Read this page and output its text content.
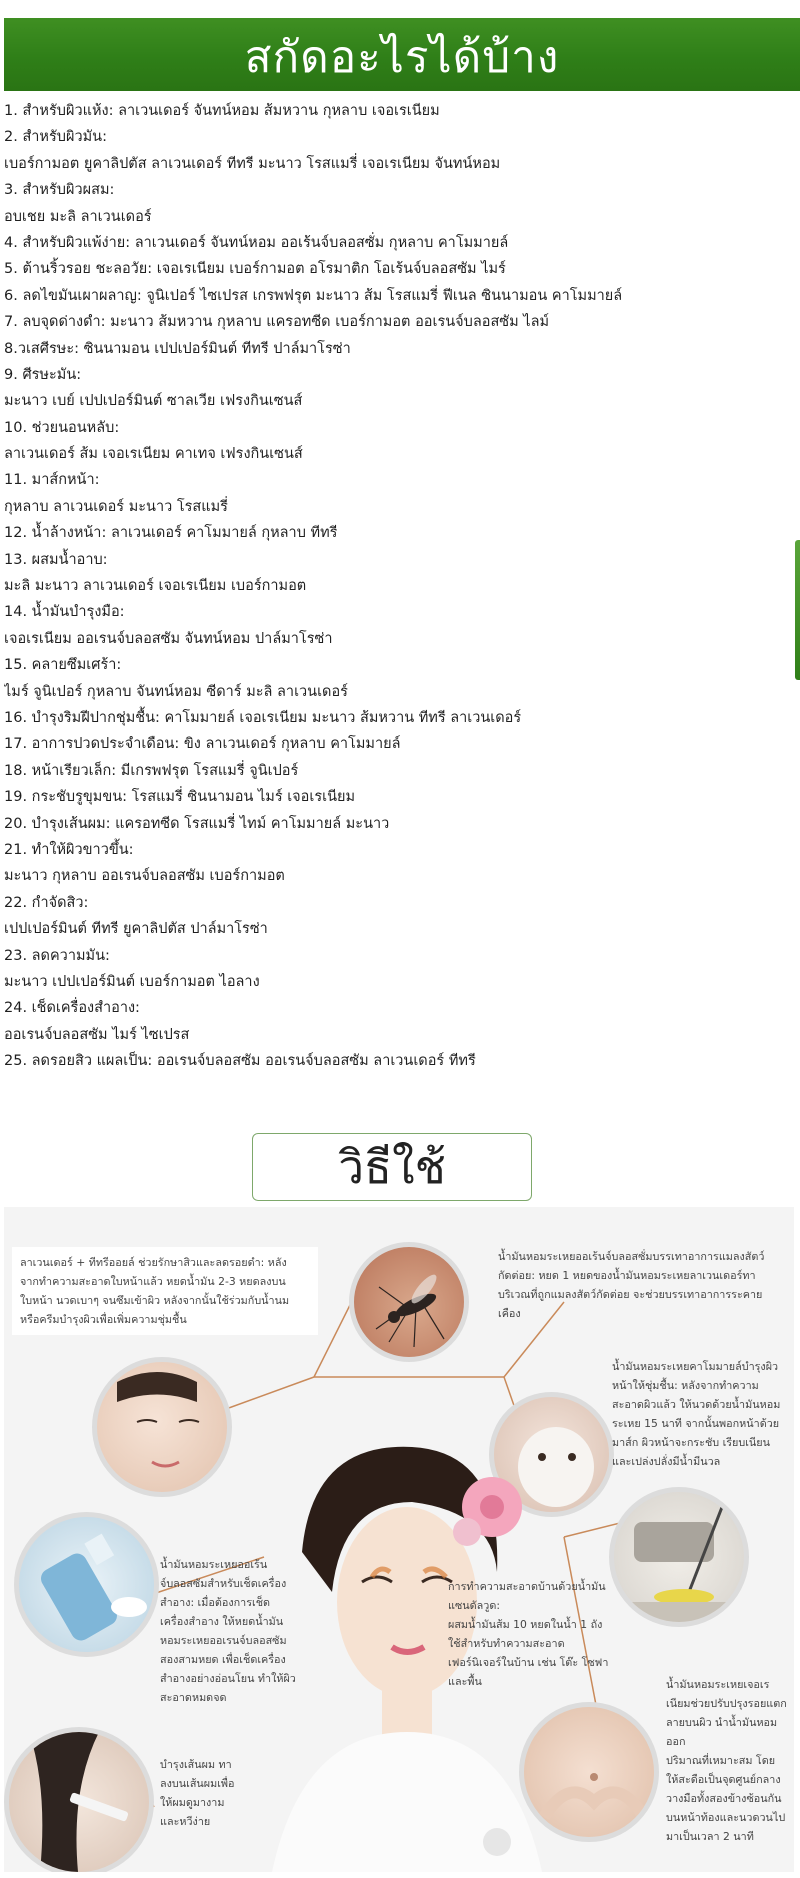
สกัดอะไรได้บ้าง
1. สำหรับผิวแห้ง: ลาเวนเดอร์ จันทน์หอม ส้มหวาน กุหลาบ เจอเรเนียม
2. สำหรับผิวมัน:
เบอร์กามอต ยูคาลิปตัส ลาเวนเดอร์ ทีทรี มะนาว โรสแมรี่ เจอเรเนียม จันทน์หอม
3. สำหรับผิวผสม:
อบเชย มะลิ ลาเวนเดอร์
4. สำหรับผิวแพ้ง่าย: ลาเวนเดอร์ จันทน์หอม ออเร้นจ์บลอสซั่ม กุหลาบ คาโมมายล์
5. ต้านริ้วรอย ชะลอวัย: เจอเรเนียม เบอร์กามอต อโรมาติก โอเร้นจ์บลอสซัม ไมร์
6. ลดไขมันเผาผลาญ: จูนิเปอร์ ไซเปรส เกรพฟรุต มะนาว ส้ม โรสแมรี่ ฟีเนล ซินนามอน คาโมมายล์
7. ลบจุดด่างดำ: มะนาว ส้มหวาน กุหลาบ แครอทซีด เบอร์กามอต ออเรนจ์บลอสซัม ไลม์
8.วเสศีรษะ: ซินนามอน เปปเปอร์มินต์ ทีทรี ปาล์มาโรซ่า
9. ศีรษะมัน:
มะนาว เบย์ เปปเปอร์มินต์ ซาลเวีย เฟรงกินเซนส์
10. ช่วยนอนหลับ:
ลาเวนเดอร์ ส้ม เจอเรเนียม คาเทจ เฟรงกินเซนส์
11. มาส์กหน้า:
กุหลาบ ลาเวนเดอร์ มะนาว โรสแมรี่
12. น้ำล้างหน้า: ลาเวนเดอร์ คาโมมายล์ กุหลาบ ทีทรี
13. ผสมน้ำอาบ:
มะลิ มะนาว ลาเวนเดอร์ เจอเรเนียม เบอร์กามอต
14. น้ำมันบำรุงมือ:
เจอเรเนียม ออเรนจ์บลอสซัม จันทน์หอม ปาล์มาโรซ่า
15. คลายซึมเศร้า:
ไมร์ จูนิเปอร์ กุหลาบ จันทน์หอม ซีดาร์ มะลิ ลาเวนเดอร์
16. บำรุงริมฝีปากชุ่มชื้น: คาโมมายล์ เจอเรเนียม มะนาว ส้มหวาน ทีทรี ลาเวนเดอร์
17. อาการปวดประจำเดือน: ขิง ลาเวนเดอร์ กุหลาบ คาโมมายล์
18. หน้าเรียวเล็ก: มีเกรพฟรุต โรสแมรี่ จูนิเปอร์
19. กระชับรูขุมขน: โรสแมรี่ ซินนามอน ไมร์ เจอเรเนียม
20. บำรุงเส้นผม: แครอทซีด โรสแมรี่ ไทม์ คาโมมายล์ มะนาว
21. ทำให้ผิวขาวขึ้น:
มะนาว กุหลาบ ออเรนจ์บลอสซัม เบอร์กามอต
22. กำจัดสิว:
เปปเปอร์มินต์ ทีทรี ยูคาลิปตัส ปาล์มาโรซ่า
23. ลดความมัน:
มะนาว เปปเปอร์มินต์ เบอร์กามอต ไอลาง
24. เช็ดเครื่องสำอาง:
ออเรนจ์บลอสซัม ไมร์ ไซเปรส
25. ลดรอยสิว แผลเป็น: ออเรนจ์บลอสซัม ออเรนจ์บลอสซัม ลาเวนเดอร์ ทีทรี
วิธีใช้
ลาเวนเดอร์ + ทีทรีออยล์ ช่วยรักษาสิวและลดรอยดำ: หลัง
จากทำความสะอาดใบหน้าแล้ว หยดน้ำมัน 2-3 หยดลงบน
ใบหน้า นวดเบาๆ จนซึมเข้าผิว หลังจากนั้นใช้ร่วมกับน้ำนม
หรือครีมบำรุงผิวเพื่อเพิ่มความชุ่มชื้น
น้ำมันหอมระเหยออเร้นจ์บลอสซั่มบรรเทาอาการแมลงสัตว์
กัดต่อย: หยด 1 หยดของน้ำมันหอมระเหยลาเวนเดอร์ทา
บริเวณที่ถูกแมลงสัตว์กัดต่อย จะช่วยบรรเทาอาการระคาย
เคือง
น้ำมันหอมระเหยคาโมมายล์บำรุงผิว
หน้าให้ชุ่มชื้น: หลังจากทำความ
สะอาดผิวแล้ว ให้นวดด้วยน้ำมันหอม
ระเหย 15 นาที จากนั้นพอกหน้าด้วย
มาส์ก ผิวหน้าจะกระชับ เรียบเนียน
และเปล่งปลั่งมีน้ำมีนวล
น้ำมันหอมระเหยออเร้น
จ์บลอสซัมสำหรับเช็ดเครื่อง
สำอาง: เมื่อต้องการเช็ด
เครื่องสำอาง ให้หยดน้ำมัน
หอมระเหยออเรนจ์บลอสซัม
สองสามหยด เพื่อเช็ดเครื่อง
สำอางอย่างอ่อนโยน ทำให้ผิว
สะอาดหมดจด
การทำความสะอาดบ้านด้วยน้ำมัน
แซนดัลวูด:
ผสมน้ำมันส้ม 10 หยดในน้ำ 1 ถัง
ใช้สำหรับทำความสะอาด
เฟอร์นิเจอร์ในบ้าน เช่น โต๊ะ โซฟา
และพื้น	น้ำมันหอมระเหยเจอเร
เนียมช่วยปรับปรุงรอยแตก
ลายบนผิว นำน้ำมันหอมออก
ปริมาณที่เหมาะสม โดย
ให้สะดือเป็นจุดศูนย์กลาง
วางมือทั้งสองข้างซ้อนกัน
บนหน้าท้องและนวดวนไป
มาเป็นเวลา 2 นาที
บำรุงเส้นผม ทา
ลงบนเส้นผมเพื่อ
ให้ผมดูมางาม
และหวีง่าย
